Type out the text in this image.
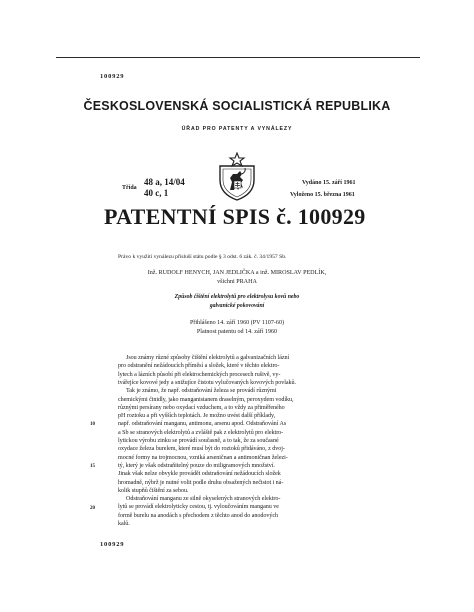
100929
ČESKOSLOVENSKÁ SOCIALISTICKÁ REPUBLIKA
ÚŘAD PRO PATENTY A VYNÁLEZY
Třída
48 a, 14/04
40 c, 1
Vydáno 15. září 1961
Vyloženo 15. března 1961
PATENTNÍ SPIS č. 100929
Právo k využití vynálezu přísluší státu podle § 3 odst. 6 zák. č. 34/1957 Sb.
Inž. RUDOLF HENYCH, JAN JEDLIČKA a inž. MIROSLAV PEDLÍK,
všichni PRAHA
Způsob čištění elektrolytů pro elektrolysu kovů nebo
galvanické pokovování
Přihlášeno 14. září 1960 (PV 1107-60)
Platnost patentu od 14. září 1960
Jsou známy různé způsoby čištění elektrolytů a galvanizačních lázní
pro odstranění nežádoucích příměsí a složek, které v těchto elektro-
lytech a lázních působí při elektrochemických procesech rušivě, vy-
tvářejíce kovové jedy a snižujíce čistotu vylučovaných kovových povlaků.
Tak je známo, že např. odstraňování železa se provádí různými
chemickými činidly, jako manganistanem draselným, peroxydem vodíku,
různými persírany nebo oxydací vzduchem, a to vždy za přiměřeného
pH roztoku a při vyšších teplotách. Je možno uvést další příklady,
např. odstraňování manganu, antimonu, arsenu apod. Odstraňování As
a Sb se stranových elektrolytů a zvláště pak z elektrolytů pro elektro-
lytickou výrobu zinku se provádí současně, a to tak, že za současné
oxydace železa burelem, které musí být do roztoků přidáváno, z dvoj-
mocné formy na trojmocnou, vzniká arseničnan a antimoničnan železi-
tý, který je však odstraňitelný pouze do miligramových množství.
Jinak však nelze obvykle provádět odstraňování nežádoucích složek
hromadně, nýbrž je nutné volit podle druhu obsažených nečistot i ná-
kolik stupňů čištění za sebou.
Odstraňování manganu ze silně okyselených stranových elektro-
lytů se provádí elektrolyticky cestou, tj. vyloučováním manganu ve
formě burelu na anodách s přechodem z těchto anod do anodových
kalů.
10
15
20
100929
